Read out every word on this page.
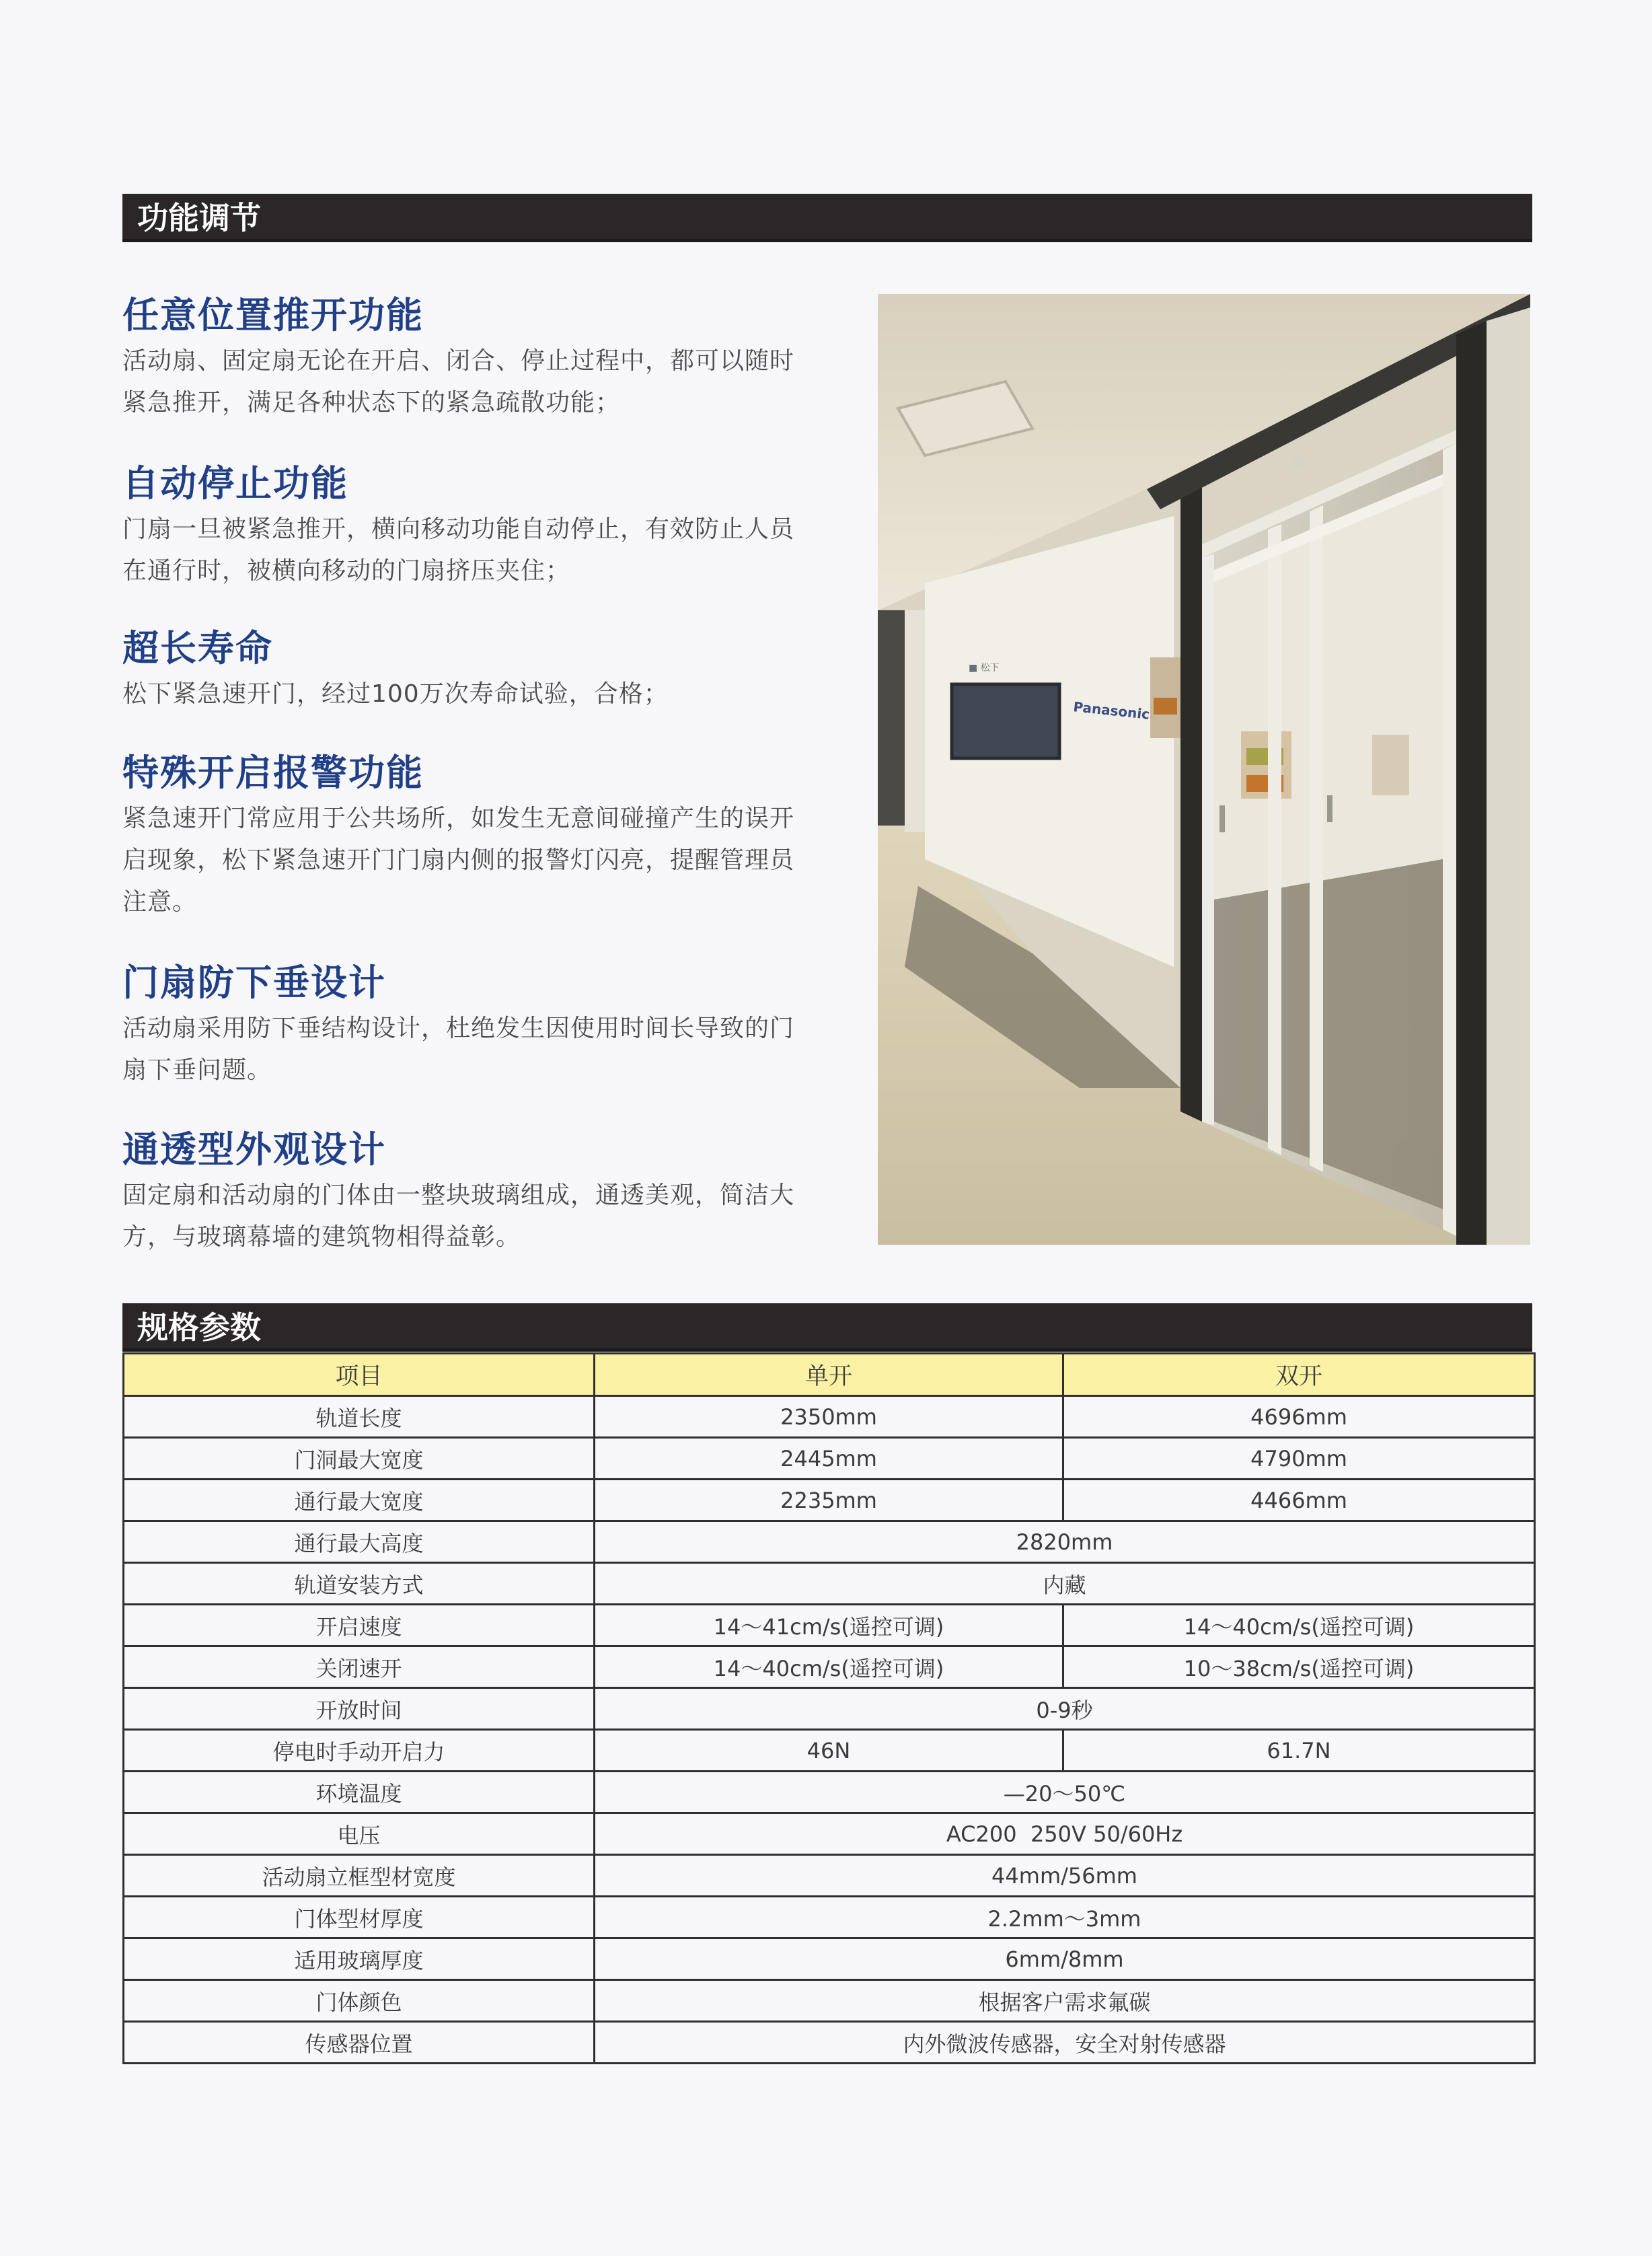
功能调节
任意位置推开功能

活动扇、固定扇无论在开启、闭合、停止过程中，都可以随时
紧急推开，满足各种状态下的紧急疏散功能；

自动停止功能

门扇一旦被紧急推开，横向移动功能自动停止，有效防止人员
在通行时，被横向移动的门扇挤压夹住；

超长寿命

松下紧急速开门，经过100万次寿命试验，合格；

特殊开启报警功能

紧急速开门常应用于公共场所，如发生无意间碰撞产生的误开
启现象，松下紧急速开门门扇内侧的报警灯闪亮，提醒管理员
注意。

门扇防下垂设计

活动扇采用防下垂结构设计，杜绝发生因使用时间长导致的门
扇下垂问题。

通透型外观设计

固定扇和活动扇的门体由一整块玻璃组成，通透美观，简洁大
方，与玻璃幕墙的建筑物相得益彰。

■ 松下
Panasonic
规格参数
项目	单开	双开
轨道长度	2350mm	4696mm
门洞最大宽度	2445mm	4790mm
通行最大宽度	2235mm	4466mm
通行最大高度	2820mm	
轨道安装方式	内藏	
开启速度	14～41cm/s(遥控可调)	14～40cm/s(遥控可调)
关闭速开	14～40cm/s(遥控可调)	10～38cm/s(遥控可调)
开放时间	0-9秒	
停电时手动开启力	46N	61.7N
环境温度	—20～50℃	
电压	AC200  250V 50/60Hz	
活动扇立框型材宽度	44mm/56mm	
门体型材厚度	2.2mm～3mm	
适用玻璃厚度	6mm/8mm	
门体颜色	根据客户需求氟碳	
传感器位置	内外微波传感器，安全对射传感器	
